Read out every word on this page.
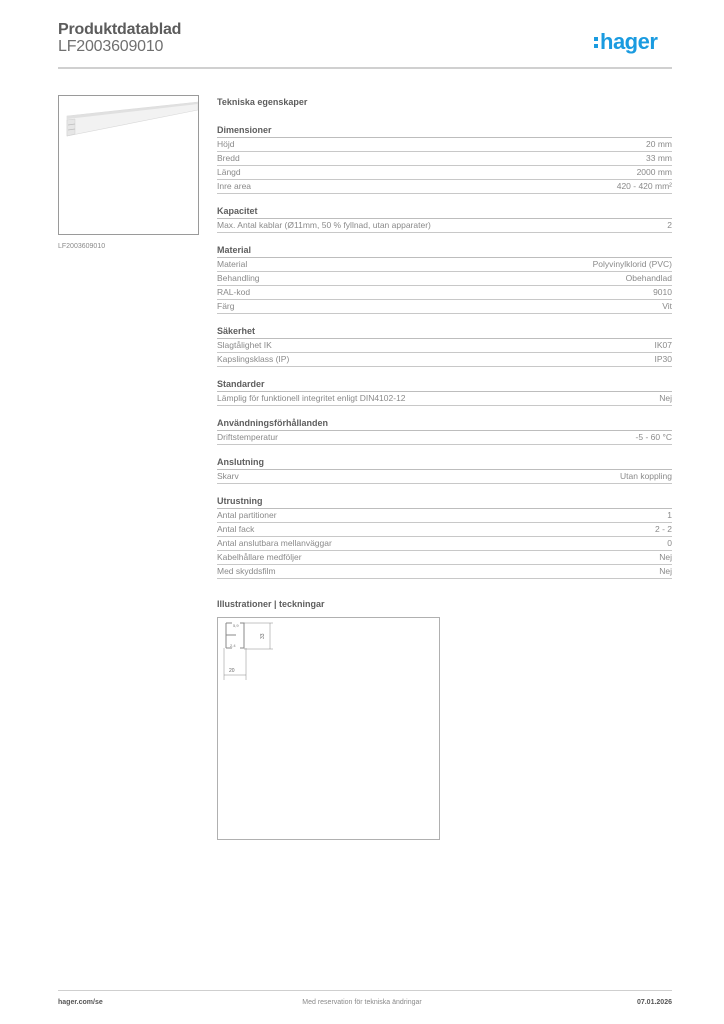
Produktdatablad
LF2003609010	hager
LF2003609010
Tekniska egenskaper
Dimensioner
Höjd	20 mm
Bredd	33 mm
Längd	2000 mm
Inre area	420 - 420 mm²
Kapacitet
Max. Antal kablar (Ø11mm, 50 % fyllnad, utan apparater)	2
Material
Material	Polyvinylklorid (PVC)
Behandling	Obehandlad
RAL-kod	9010
Färg	Vit
Säkerhet
Slagtålighet IK	IK07
Kapslingsklass (IP)	IP30
Standarder
Lämplig för funktionell integritet enligt DIN4102-12	Nej
Användningsförhållanden
Driftstemperatur	-5 - 60 °C
Anslutning
Skarv	Utan koppling
Utrustning
Antal partitioner	1
Antal fack	2 - 2
Antal anslutbara mellanväggar	0
Kabelhållare medföljer	Nej
Med skyddsfilm	Nej
Illustrationer | teckningar
5,9
2,4
33
20
hager.com/se	Med reservation för tekniska ändringar	07.01.2026
